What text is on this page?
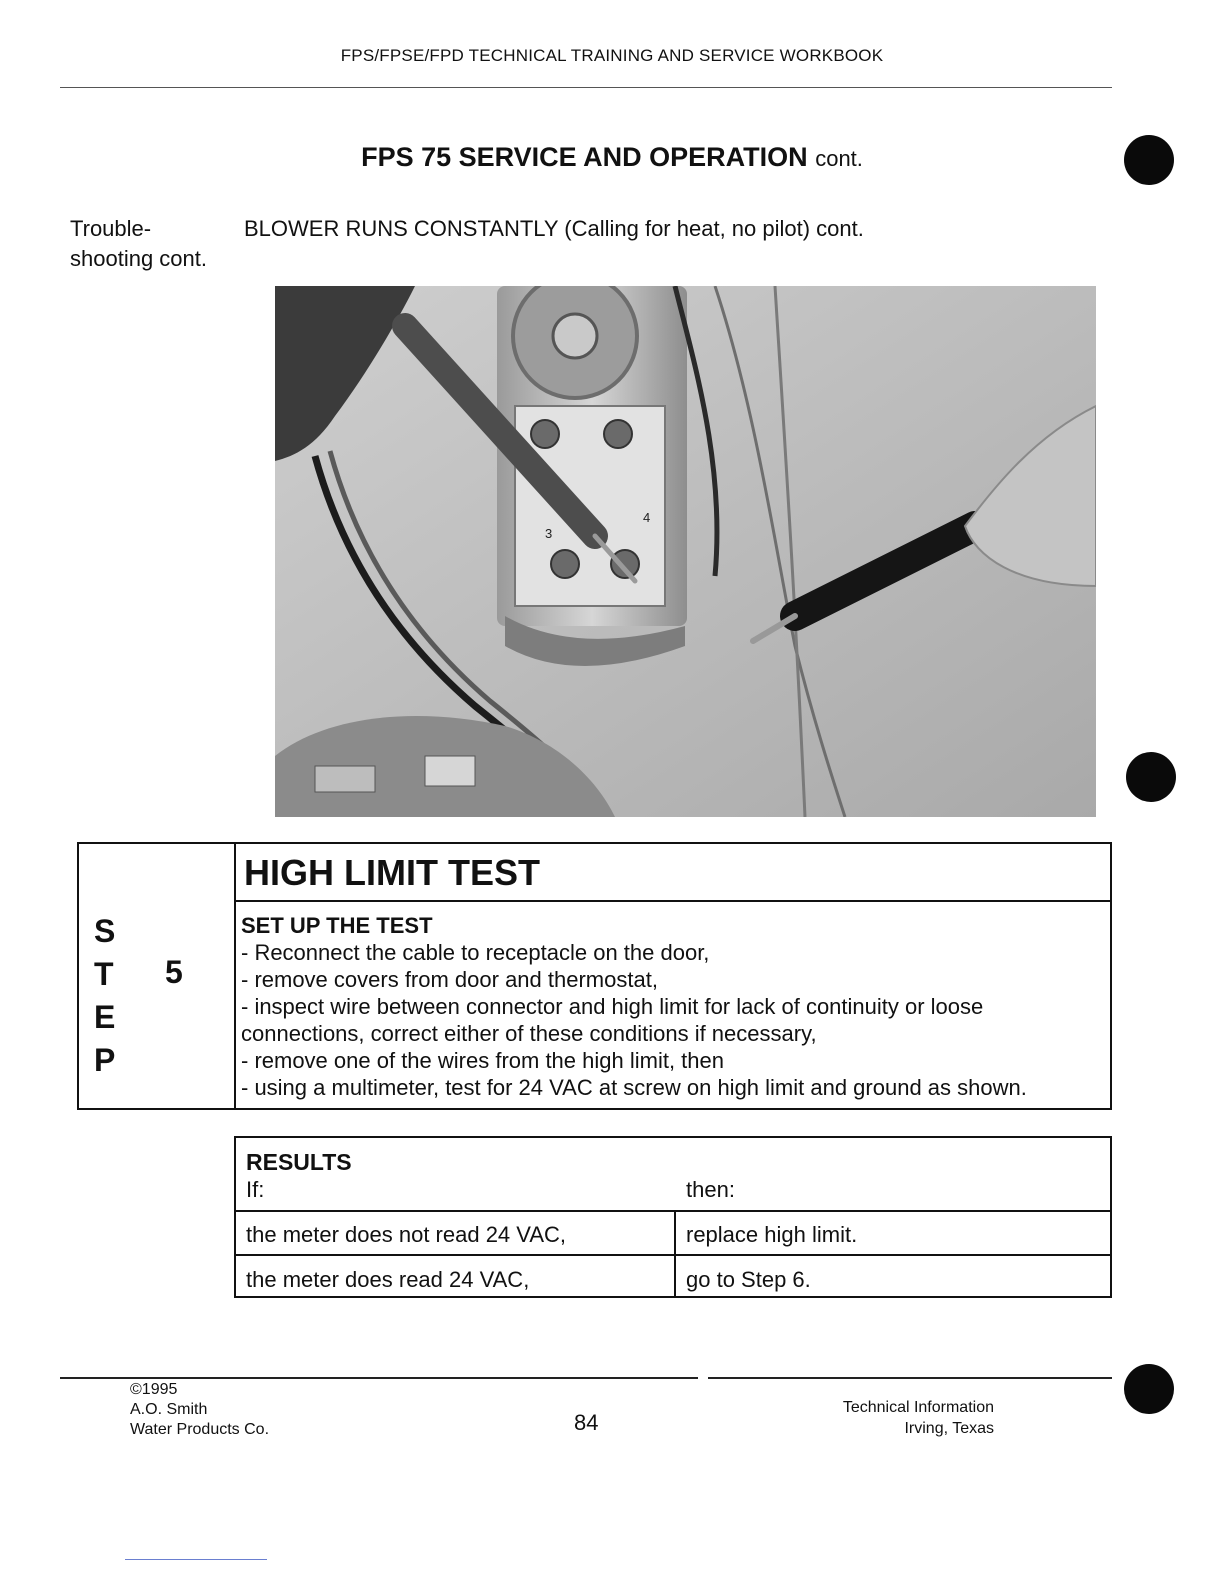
FPS/FPSE/FPD TECHNICAL TRAINING AND SERVICE WORKBOOK
FPS 75 SERVICE AND OPERATION cont.
Trouble-
shooting cont.
BLOWER RUNS CONSTANTLY (Calling for heat, no pilot) cont.
3
4
S
T
E
P
5
HIGH LIMIT TEST
SET UP THE TEST
- Reconnect the cable to receptacle on the door,
- remove covers from door and thermostat,
- inspect wire between connector and high limit for lack of continuity or loose
connections, correct either of these conditions if necessary,
- remove one of the wires from the high limit, then
- using a multimeter, test for 24 VAC at screw on high limit and ground as shown.
RESULTS
If:	then:
the meter does not read 24 VAC,	replace high limit.
the meter does read 24 VAC,	go to Step 6.
©1995
A.O. Smith
Water Products Co.	84
Technical Information
Irving, Texas
